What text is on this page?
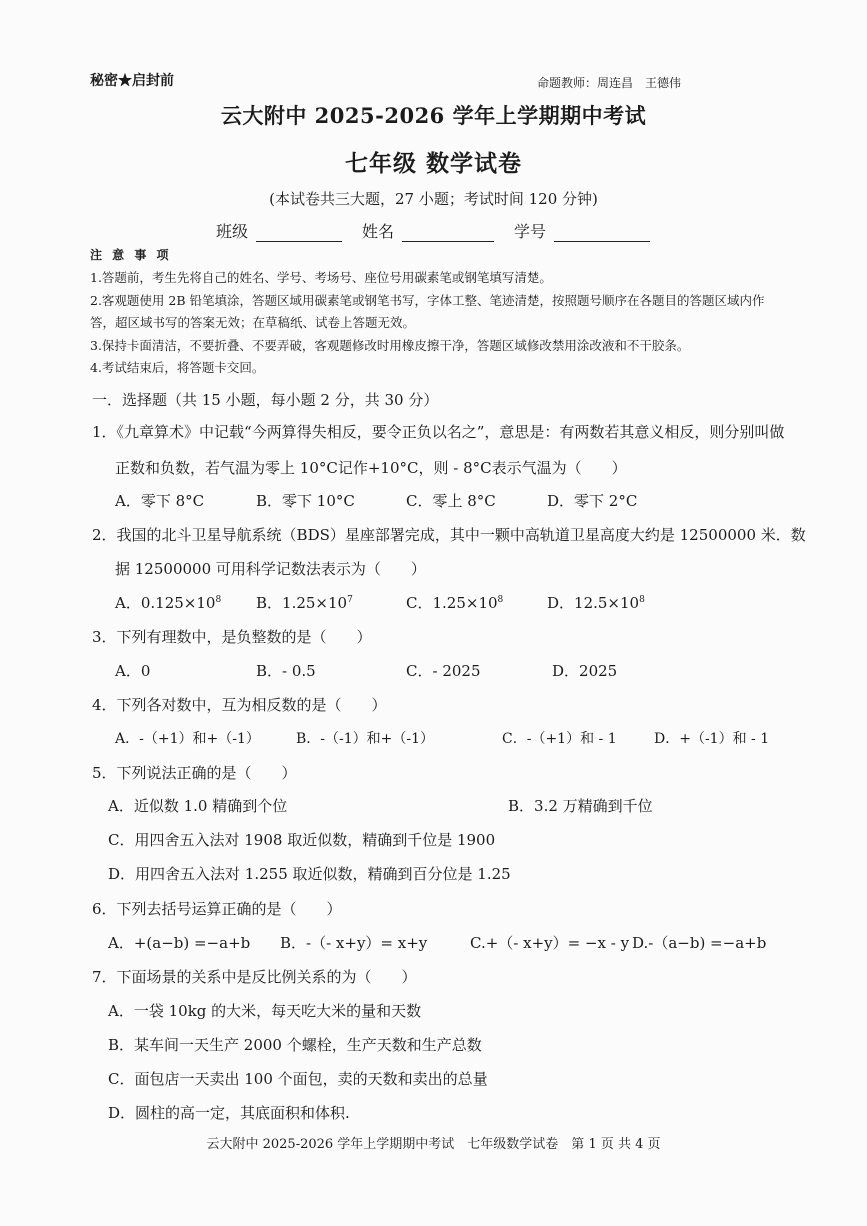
秘密★启封前	命题教师：周连昌　王德伟
云大附中 2025-2026 学年上学期期中考试
七年级 数学试卷
(本试卷共三大题，27 小题；考试时间 120 分钟)
班级	姓名	学号
注 意 事 项
1.答题前，考生先将自己的姓名、学号、考场号、座位号用碳素笔或钢笔填写清楚。
2.客观题使用 2B 铅笔填涂，答题区域用碳素笔或钢笔书写，字体工整、笔迹清楚，按照题号顺序在各题目的答题区域内作
答，超区域书写的答案无效；在草稿纸、试卷上答题无效。
3.保持卡面清洁，不要折叠、不要弄破，客观题修改时用橡皮擦干净，答题区域修改禁用涂改液和不干胶条。
4.考试结束后，将答题卡交回。
一．选择题（共 15 小题，每小题 2 分，共 30 分）
1．《九章算术》中记载“今两算得失相反，要令正负以名之”，意思是：有两数若其意义相反，则分别叫做
正数和负数，若气温为零上 10°C记作+10°C，则 - 8°C表示气温为（　　）
A．零下 8°C	B．零下 10°C	C．零上 8°C	D．零下 2°C
2．我国的北斗卫星导航系统（BDS）星座部署完成，其中一颗中高轨道卫星高度大约是 12500000 米．数
据 12500000 可用科学记数法表示为（　　）
A．$0.125\times 10^8$ B．$1.25\times 10^7$	C．$1.25\times 10^8$	D．$12.5\times 10^8$
3．下列有理数中，是负整数的是（　　）
A．0	B．- 0.5	C．- 2025	D．2025
4．下列各对数中，互为相反数的是（　　）
A．-（+1）和+（-1）	B．-（-1）和+（-1）	C．-（+1）和 - 1	D．+（-1）和 - 1
5．下列说法正确的是（　　）
A．近似数 1.0 精确到个位	B．3.2 万精确到千位
C．用四舍五入法对 1908 取近似数，精确到千位是 1900
D．用四舍五入法对 1.255 取近似数，精确到百分位是 1.25
6．下列去括号运算正确的是（　　）
A．+(a−b) =−a+b B．-（- x+y）= x+y	C.+（- x+y）= −x - y D.-（a−b) =−a+b
7．下面场景的关系中是反比例关系的为（　　）
A．一袋 10kg 的大米，每天吃大米的量和天数
B．某车间一天生产 2000 个螺栓，生产天数和生产总数
C．面包店一天卖出 100 个面包，卖的天数和卖出的总量
D．圆柱的高一定，其底面积和体积.
云大附中 2025-2026 学年上学期期中考试　七年级数学试卷　第 1 页 共 4 页
